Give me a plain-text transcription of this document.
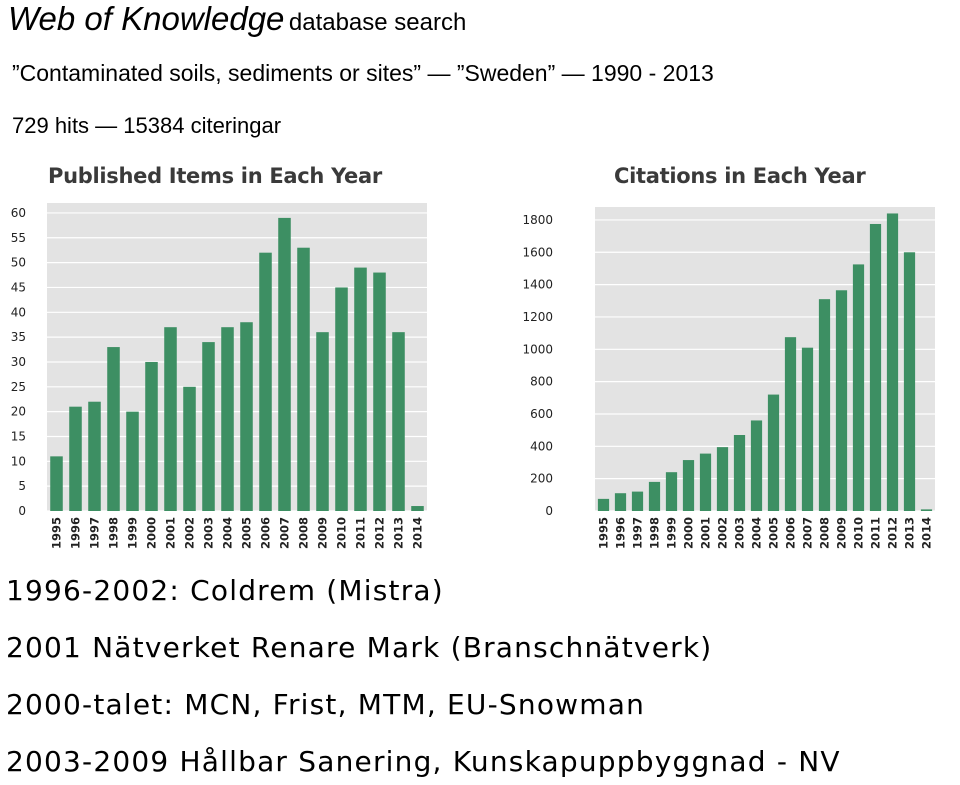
Web of Knowledge database search
”Contaminated soils, sediments or sites” — ”Sweden” — 1990 - 2013
729 hits — 15384 citeringar
Published Items in Each Year	Citations in Each Year
0
5
10
15
20
25
30
35
40
45
50
55
60
1995 1996 1997 1998 1999 2000 2001 2002 2003 2004 2005 2006 2007 2008 2009 2010 2011 2012 2013 2014
0
200
400
600
800
1000
1200
1400
1600
1800
1995 1996 1997 1998 1999 2000 2001 2002 2003 2004 2005 2006 2007 2008 2009 2010 2011 2012 2013 2014
1996-2002: Coldrem (Mistra)
2001 Nätverket Renare Mark (Branschnätverk)
2000-talet: MCN, Frist, MTM, EU-Snowman
2003-2009 Hållbar Sanering, Kunskapuppbyggnad - NV
